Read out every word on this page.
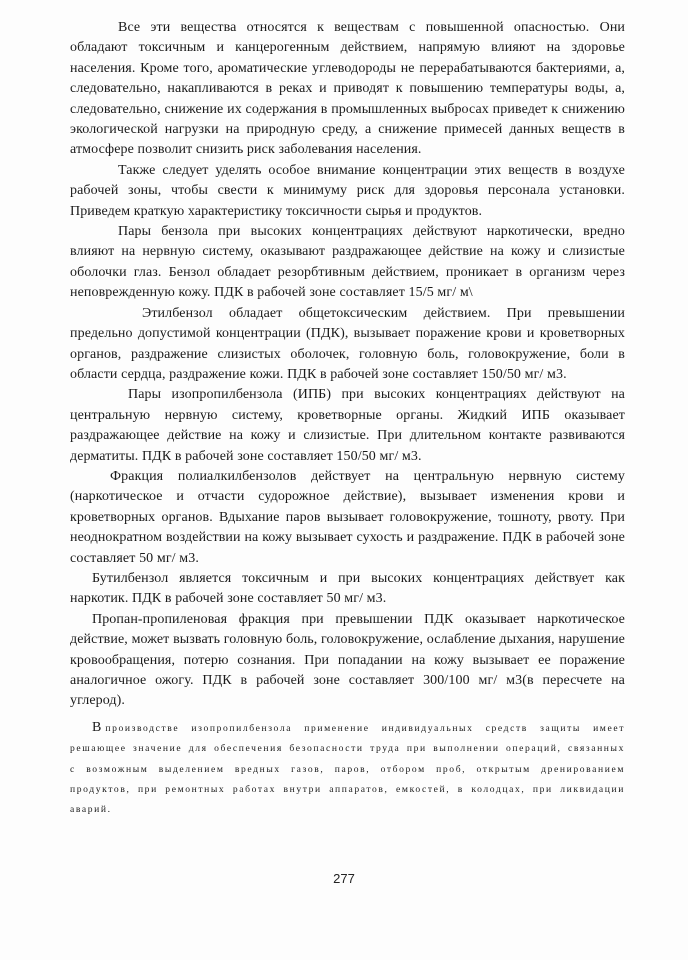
Все эти вещества относятся к веществам с повышенной опасностью. Они обладают токсичным и канцерогенным действием, напрямую влияют на здоровье населения. Кроме того, ароматические углеводороды не перерабатываются бактериями, а, следовательно, накапливаются в реках и приводят к повышению температуры воды, а, следовательно, снижение их содержания в промышленных выбросах приведет к снижению экологической нагрузки на природную среду, а снижение примесей данных веществ в атмосфере позволит снизить риск заболевания населения.

Также следует уделять особое внимание концентрации этих веществ в воздухе рабочей зоны, чтобы свести к минимуму риск для здоровья персонала установки. Приведем краткую характеристику токсичности сырья и продуктов.

Пары бензола при высоких концентрациях действуют наркотически, вредно влияют на нервную систему, оказывают раздражающее действие на кожу и слизистые оболочки глаз. Бензол обладает резорбтивным действием, проникает в организм через неповрежденную кожу. ПДК в рабочей зоне составляет 15/5 мг/ м\

Этилбензол обладает общетоксическим действием. При превышении предельно допустимой концентрации (ПДК), вызывает поражение крови и кроветворных органов, раздражение слизистых оболочек, головную боль, головокружение, боли в области сердца, раздражение кожи. ПДК в рабочей зоне составляет 150/50 мг/ м3.

Пары изопропилбензола (ИПБ) при высоких концентрациях действуют на центральную нервную систему, кроветворные органы. Жидкий ИПБ оказывает раздражающее действие на кожу и слизистые. При длительном контакте развиваются дерматиты. ПДК в рабочей зоне составляет 150/50 мг/ м3.

Фракция полиалкилбензолов действует на центральную нервную систему (наркотическое и отчасти судорожное действие), вызывает изменения крови и кроветворных органов. Вдыхание паров вызывает головокружение, тошноту, рвоту. При неоднократном воздействии на кожу вызывает сухость и раздражение. ПДК в рабочей зоне составляет 50 мг/ м3.

Бутилбензол является токсичным и при высоких концентрациях действует как наркотик. ПДК в рабочей зоне составляет 50 мг/ м3.

Пропан-пропиленовая фракция при превышении ПДК оказывает наркотическое действие, может вызвать головную боль, головокружение, ослабление дыхания, нарушение кровообращения, потерю сознания. При попадании на кожу вызывает ее поражение аналогичное ожогу. ПДК в рабочей зоне составляет 300/100 мг/ м3(в пересчете на углерод).

В производстве изопропилбензола применение индивидуальных средств защиты имеет решающее значение для обеспечения безопасности труда при выполнении операций, связанных с возможным выделением вредных газов, паров, отбором проб, открытым дренированием продуктов, при ремонтных работах внутри аппаратов, емкостей, в колодцах, при ликвидации аварий.

277
